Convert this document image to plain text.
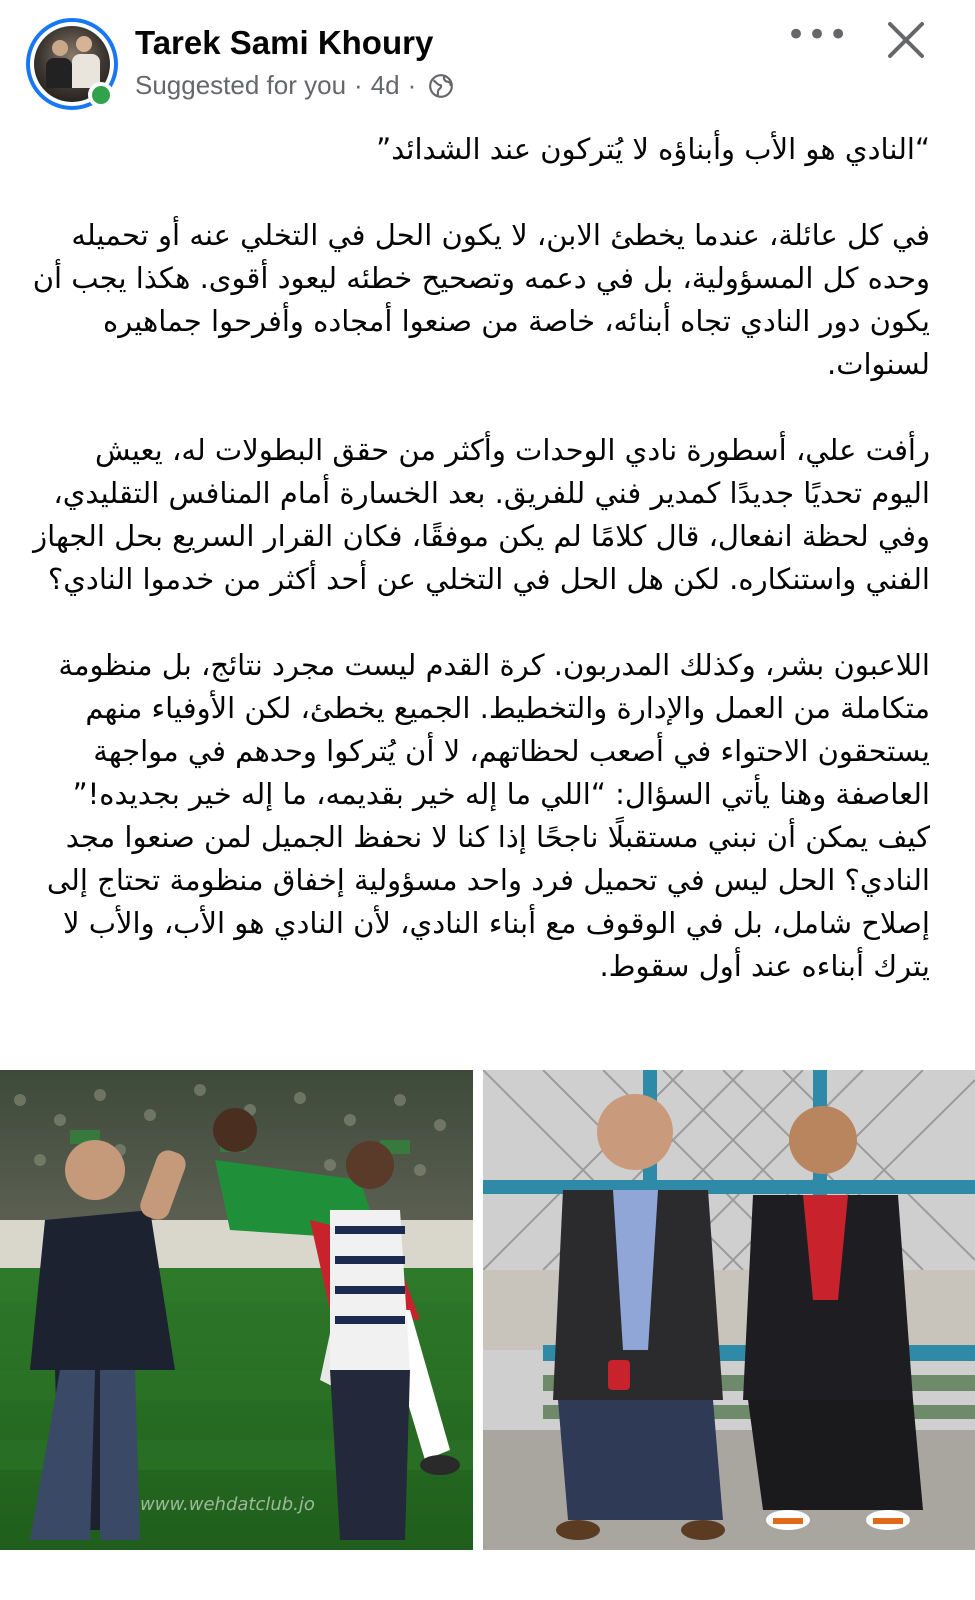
Tarek Sami Khoury
Suggested for you · 4d ·
•••

“النادي هو الأب وأبناؤه لا يُتركون عند الشدائد”

في كل عائلة، عندما يخطئ الابن، لا يكون الحل في التخلي عنه أو تحميله وحده كل المسؤولية، بل في دعمه وتصحيح خطئه ليعود أقوى. هكذا يجب أن يكون دور النادي تجاه أبنائه، خاصة من صنعوا أمجاده وأفرحوا جماهيره لسنوات.

رأفت علي، أسطورة نادي الوحدات وأكثر من حقق البطولات له، يعيش اليوم تحديًا جديدًا كمدير فني للفريق. بعد الخسارة أمام المنافس التقليدي، وفي لحظة انفعال، قال كلامًا لم يكن موفقًا، فكان القرار السريع بحل الجهاز الفني واستنكاره. لكن هل الحل في التخلي عن أحد أكثر من خدموا النادي؟

اللاعبون بشر، وكذلك المدربون. كرة القدم ليست مجرد نتائج، بل منظومة متكاملة من العمل والإدارة والتخطيط. الجميع يخطئ، لكن الأوفياء منهم يستحقون الاحتواء في أصعب لحظاتهم، لا أن يُتركوا وحدهم في مواجهة العاصفة وهنا يأتي السؤال: “اللي ما إله خير بقديمه، ما إله خير بجديده!” كيف يمكن أن نبني مستقبلًا ناجحًا إذا كنا لا نحفظ الجميل لمن صنعوا مجد النادي؟ الحل ليس في تحميل فرد واحد مسؤولية إخفاق منظومة تحتاج إلى إصلاح شامل، بل في الوقوف مع أبناء النادي، لأن النادي هو الأب، والأب لا يترك أبناءه عند أول سقوط.

www.wehdatclub.jo
